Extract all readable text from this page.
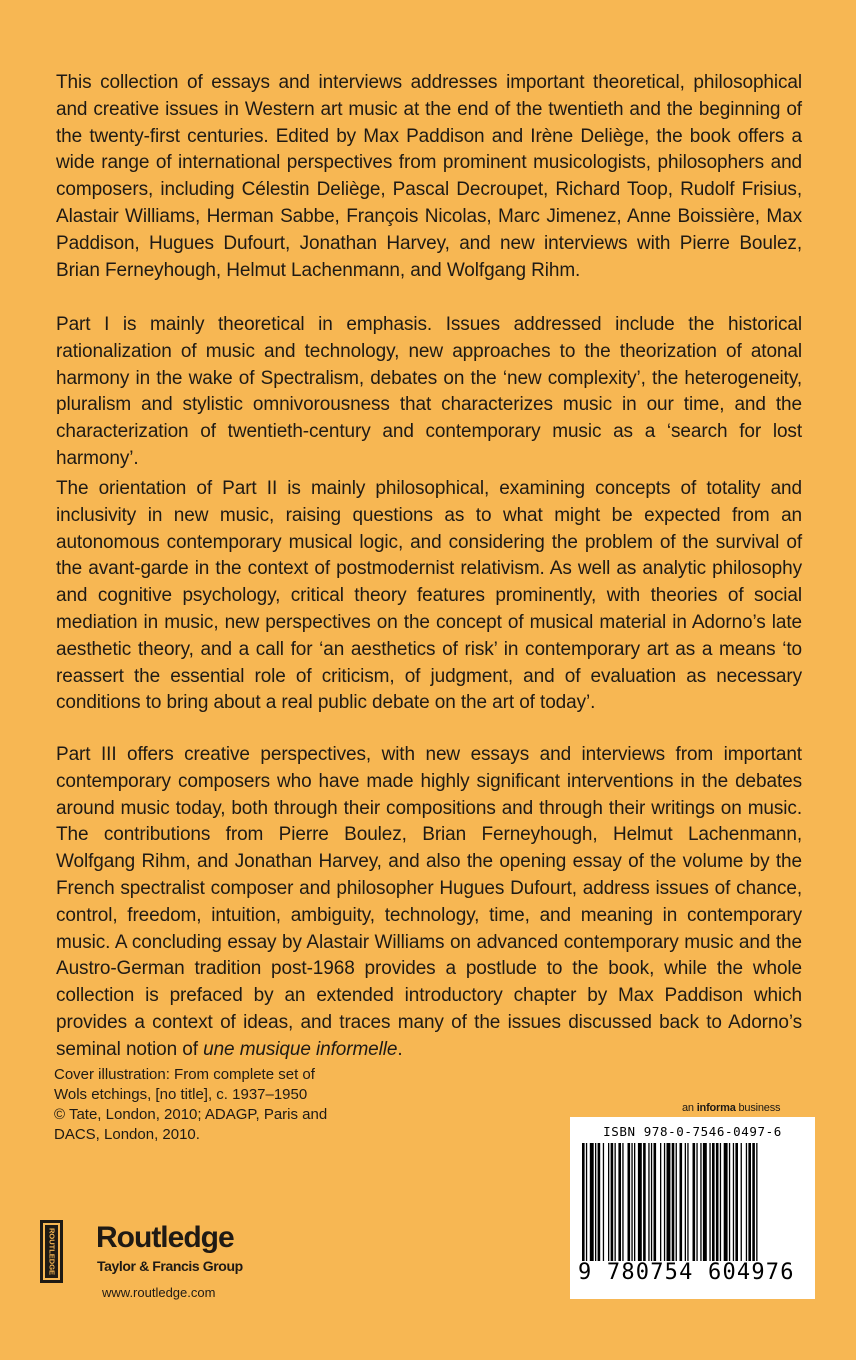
This collection of essays and interviews addresses important theoretical, philosophical and creative issues in Western art music at the end of the twentieth and the beginning of the twenty-first centuries. Edited by Max Paddison and Irène Deliège, the book offers a wide range of international perspectives from prominent musicologists, philosophers and composers, including Célestin Deliège, Pascal Decroupet, Richard Toop, Rudolf Frisius, Alastair Williams, Herman Sabbe, François Nicolas, Marc Jimenez, Anne Boissière, Max Paddison, Hugues Dufourt, Jonathan Harvey, and new interviews with Pierre Boulez, Brian Ferneyhough, Helmut Lachenmann, and Wolfgang Rihm.

Part I is mainly theoretical in emphasis. Issues addressed include the historical rationalization of music and technology, new approaches to the theorization of atonal harmony in the wake of Spectralism, debates on the ‘new complexity’, the heterogeneity, pluralism and stylistic omnivorousness that characterizes music in our time, and the characterization of twentieth-century and contemporary music as a ‘search for lost harmony’.

The orientation of Part II is mainly philosophical, examining concepts of totality and inclusivity in new music, raising questions as to what might be expected from an autonomous contemporary musical logic, and considering the problem of the survival of the avant-garde in the context of postmodernist relativism. As well as analytic philosophy and cognitive psychology, critical theory features prominently, with theories of social mediation in music, new perspectives on the concept of musical material in Adorno’s late aesthetic theory, and a call for ‘an aesthetics of risk’ in contemporary art as a means ‘to reassert the essential role of criticism, of judgment, and of evaluation as necessary conditions to bring about a real public debate on the art of today’.

Part III offers creative perspectives, with new essays and interviews from important contemporary composers who have made highly significant interventions in the debates around music today, both through their compositions and through their writings on music. The contributions from Pierre Boulez, Brian Ferneyhough, Helmut Lachenmann, Wolfgang Rihm, and Jonathan Harvey, and also the opening essay of the volume by the French spectralist composer and philosopher Hugues Dufourt, address issues of chance, control, freedom, intuition, ambiguity, technology, time, and meaning in contemporary music. A concluding essay by Alastair Williams on advanced contemporary music and the Austro-German tradition post-1968 provides a postlude to the book, while the whole collection is prefaced by an extended introductory chapter by Max Paddison which provides a context of ideas, and traces many of the issues discussed back to Adorno’s seminal notion of une musique informelle.

Cover illustration: From complete set of
Wols etchings, [no title], c. 1937–1950
© Tate, London, 2010; ADAGP, Paris and
DACS, London, 2010.
an informa business
ISBN 978-0-7546-0497-6
9 780754 604976
ROUTLEDGE Routledge
Taylor & Francis Group
www.routledge.com
